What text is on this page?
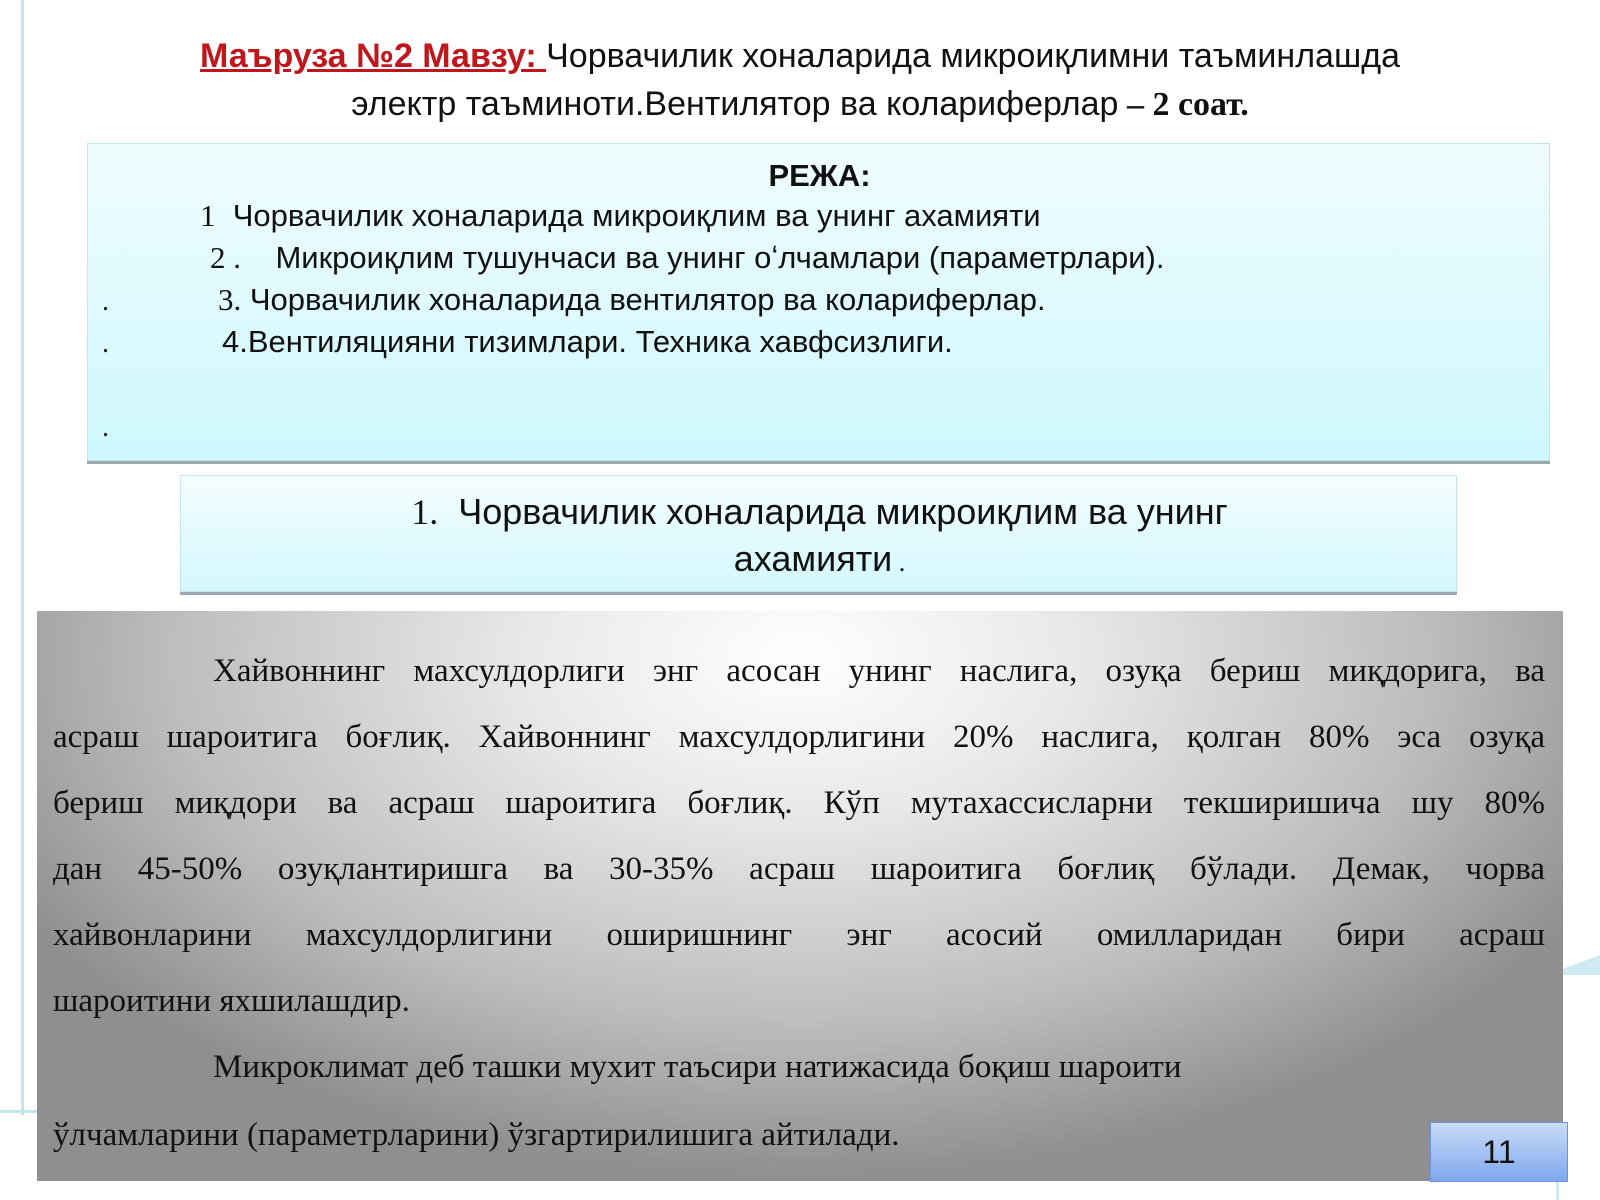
Маъруза №2 Мавзу: Чорвачилик хоналарида микроиқлимни таъминлашда
электр таъминоти.Вентилятор ва колариферлар – 2 соат.
РЕЖА:
1 Чорвачилик хоналарида микроиқлим ва унинг ахамияти
2 . Микроиқлим тушунчаси ва унинг оʻлчамлари (параметрлари).
.	3. Чорвачилик хоналарида вентилятор ва колариферлар.
.	4.Вентиляцияни тизимлари. Техника хавфсизлиги.
.
1. Чорвачилик хоналарида микроиқлим ва унинг
ахамияти .
Хайвоннинг махсулдорлиги энг асосан унинг наслига, озуқа бериш миқдорига, ва
асраш шароитига боғлиқ. Хайвоннинг махсулдорлигини 20% наслига, қолган 80% эса озуқа
бериш миқдори ва асраш шароитига боғлиқ. Кўп мутахассисларни текширишича шу 80%
дан 45-50% озуқлантиришга ва 30-35% асраш шароитига боғлиқ бўлади. Демак, чорва
хайвонларини махсулдорлигини оширишнинг энг асосий омилларидан бири асраш
шароитини яхшилашдир.
Микроклимат деб ташки мухит таъсири натижасида боқиш шароити
ўлчамларини (параметрларини) ўзгартирилишига айтилади.	11
